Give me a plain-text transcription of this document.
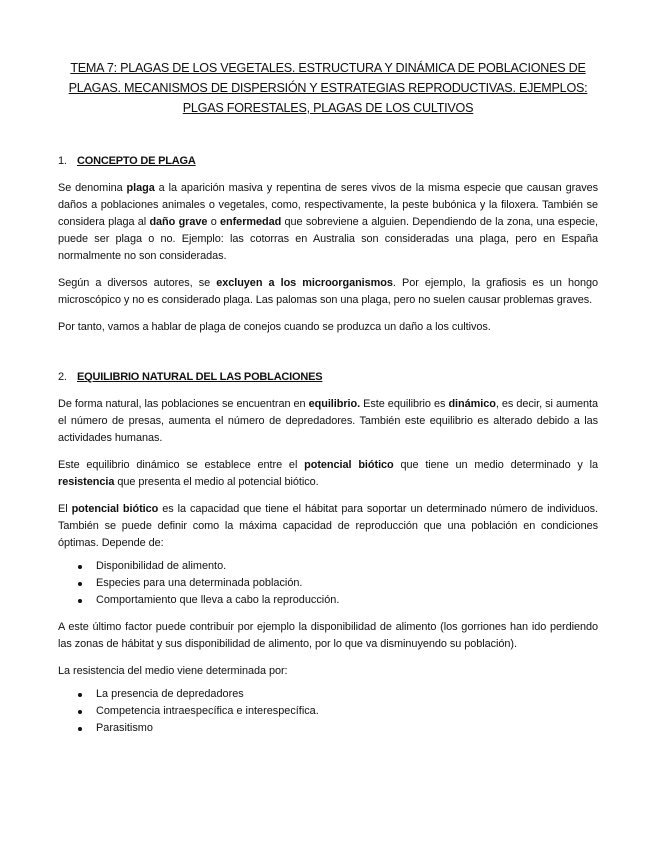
TEMA 7: PLAGAS DE LOS VEGETALES. ESTRUCTURA Y DINÁMICA DE POBLACIONES DE PLAGAS. MECANISMOS DE DISPERSIÓN Y ESTRATEGIAS REPRODUCTIVAS. EJEMPLOS: PLGAS FORESTALES, PLAGAS DE LOS CULTIVOS
1. CONCEPTO DE PLAGA

Se denomina plaga a la aparición masiva y repentina de seres vivos de la misma especie que causan graves daños a poblaciones animales o vegetales, como, respectivamente, la peste bubónica y la filoxera. También se considera plaga al daño grave o enfermedad que sobreviene a alguien. Dependiendo de la zona, una especie, puede ser plaga o no. Ejemplo: las cotorras en Australia son consideradas una plaga, pero en España normalmente no son consideradas.

Según a diversos autores, se excluyen a los microorganismos. Por ejemplo, la grafiosis es un hongo microscópico y no es considerado plaga. Las palomas son una plaga, pero no suelen causar problemas graves.

Por tanto, vamos a hablar de plaga de conejos cuando se produzca un daño a los cultivos.

2. EQUILIBRIO NATURAL DEL LAS POBLACIONES

De forma natural, las poblaciones se encuentran en equilibrio. Este equilibrio es dinámico, es decir, si aumenta el número de presas, aumenta el número de depredadores. También este equilibrio es alterado debido a las actividades humanas.

Este equilibrio dinámico se establece entre el potencial biótico que tiene un medio determinado y la resistencia que presenta el medio al potencial biótico.

El potencial biótico es la capacidad que tiene el hábitat para soportar un determinado número de individuos. También se puede definir como la máxima capacidad de reproducción que una población en condiciones óptimas. Depende de:

Disponibilidad de alimento.
Especies para una determinada población.
Comportamiento que lleva a cabo la reproducción.

A este último factor puede contribuir por ejemplo la disponibilidad de alimento (los gorriones han ido perdiendo las zonas de hábitat y sus disponibilidad de alimento, por lo que va disminuyendo su población).

La resistencia del medio viene determinada por:

La presencia de depredadores
Competencia intraespecífica e interespecífica.
Parasitismo
